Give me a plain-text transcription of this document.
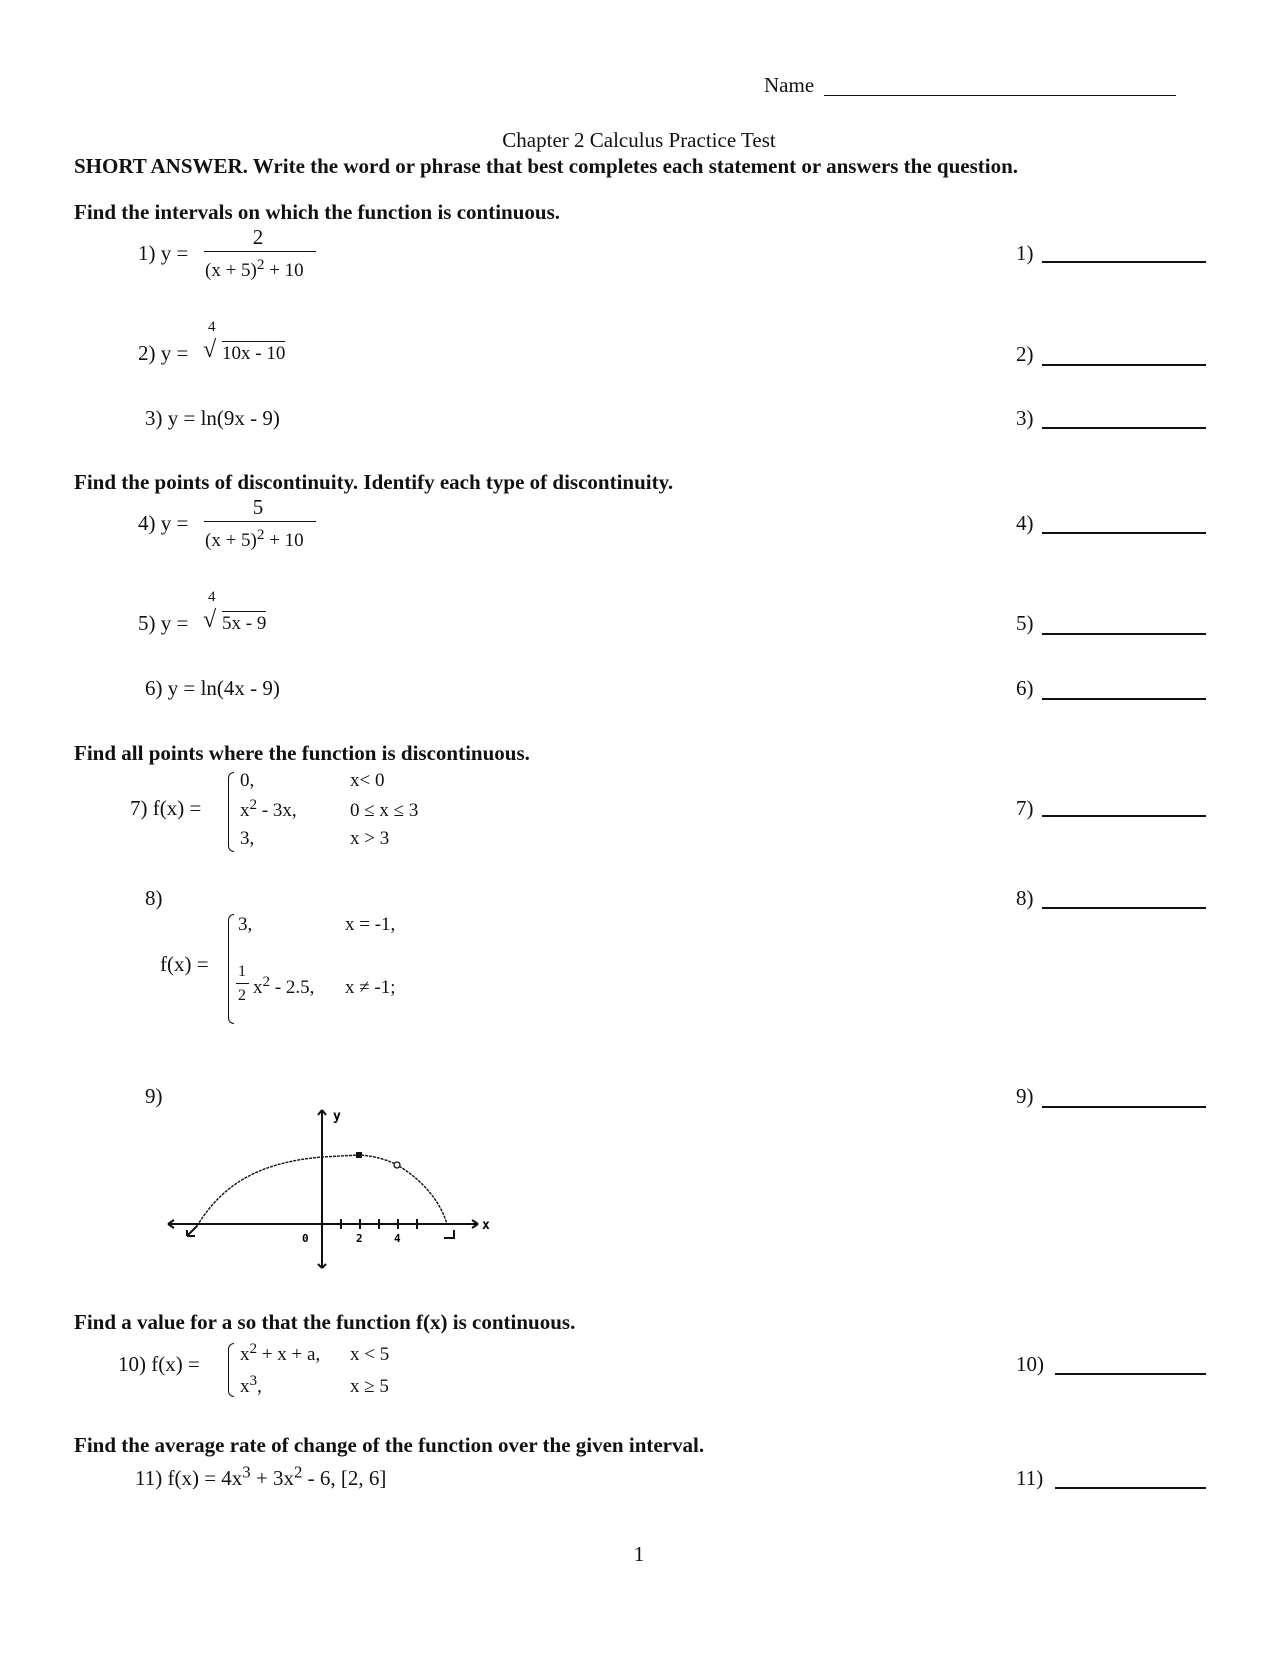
Name
Chapter 2 Calculus Practice Test
SHORT ANSWER. Write the word or phrase that best completes each statement or answers the question.
Find the intervals on which the function is continuous.
1) y =
2
$(x + 5)^2 + 10$
1)
2) y =
4
√ 10x - 10	2)
3) y = ln(9x - 9)	3)
Find the points of discontinuity. Identify each type of discontinuity.
4) y =
5
$(x + 5)^2 + 10$
4)
5) y =
4
√ 5x - 9	5)
6) y = ln(4x - 9)	6)
Find all points where the function is discontinuous.
7) f(x) =
0,	x< 0
$x^2 - 3x$,	0 ≤ x ≤ 3
3,	x > 3
7)
8)
f(x) =
3,	x = -1,
1
2 $x^2 - 2.5$, x ≠ -1;
8)
9)	9)
y
x
0	2	4
Find a value for a so that the function f(x) is continuous.
10) $f(x) = x^2 + x + a$, x < 5
$x^3$,	x ≥ 5
10)
Find the average rate of change of the function over the given interval.
11) $f(x) = 4x^3 + 3x^2 - 6$, [2, 6]	11)
1
